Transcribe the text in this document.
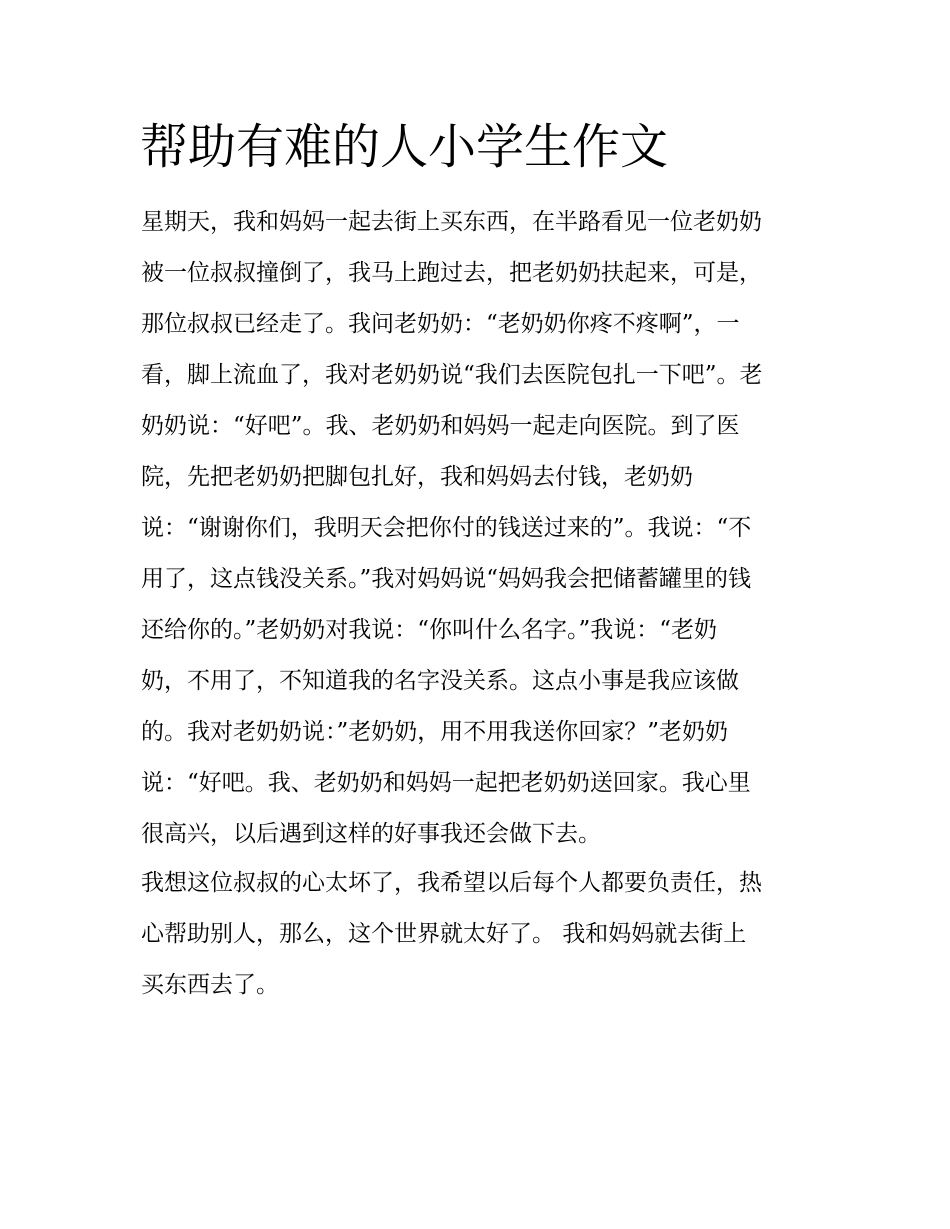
帮助有难的人小学生作文

星期天，我和妈妈一起去街上买东西，在半路看见一位老奶奶

被一位叔叔撞倒了，我马上跑过去，把老奶奶扶起来，可是，

那位叔叔已经走了。我问老奶奶：“老奶奶你疼不疼啊”，一

看，脚上流血了，我对老奶奶说“我们去医院包扎一下吧”。老

奶奶说：“好吧”。我、老奶奶和妈妈一起走向医院。到了医

院，先把老奶奶把脚包扎好，我和妈妈去付钱，老奶奶

说：“谢谢你们，我明天会把你付的钱送过来的”。我说：“不

用了，这点钱没关系。”我对妈妈说“妈妈我会把储蓄罐里的钱

还给你的。”老奶奶对我说：“你叫什么名字。”我说：“老奶

奶，不用了，不知道我的名字没关系。这点小事是我应该做

的。我对老奶奶说：”老奶奶，用不用我送你回家？”老奶奶

说：“好吧。我、老奶奶和妈妈一起把老奶奶送回家。我心里

很高兴，以后遇到这样的好事我还会做下去。

我想这位叔叔的心太坏了，我希望以后每个人都要负责任，热

心帮助别人，那么，这个世界就太好了。 我和妈妈就去街上

买东西去了。
